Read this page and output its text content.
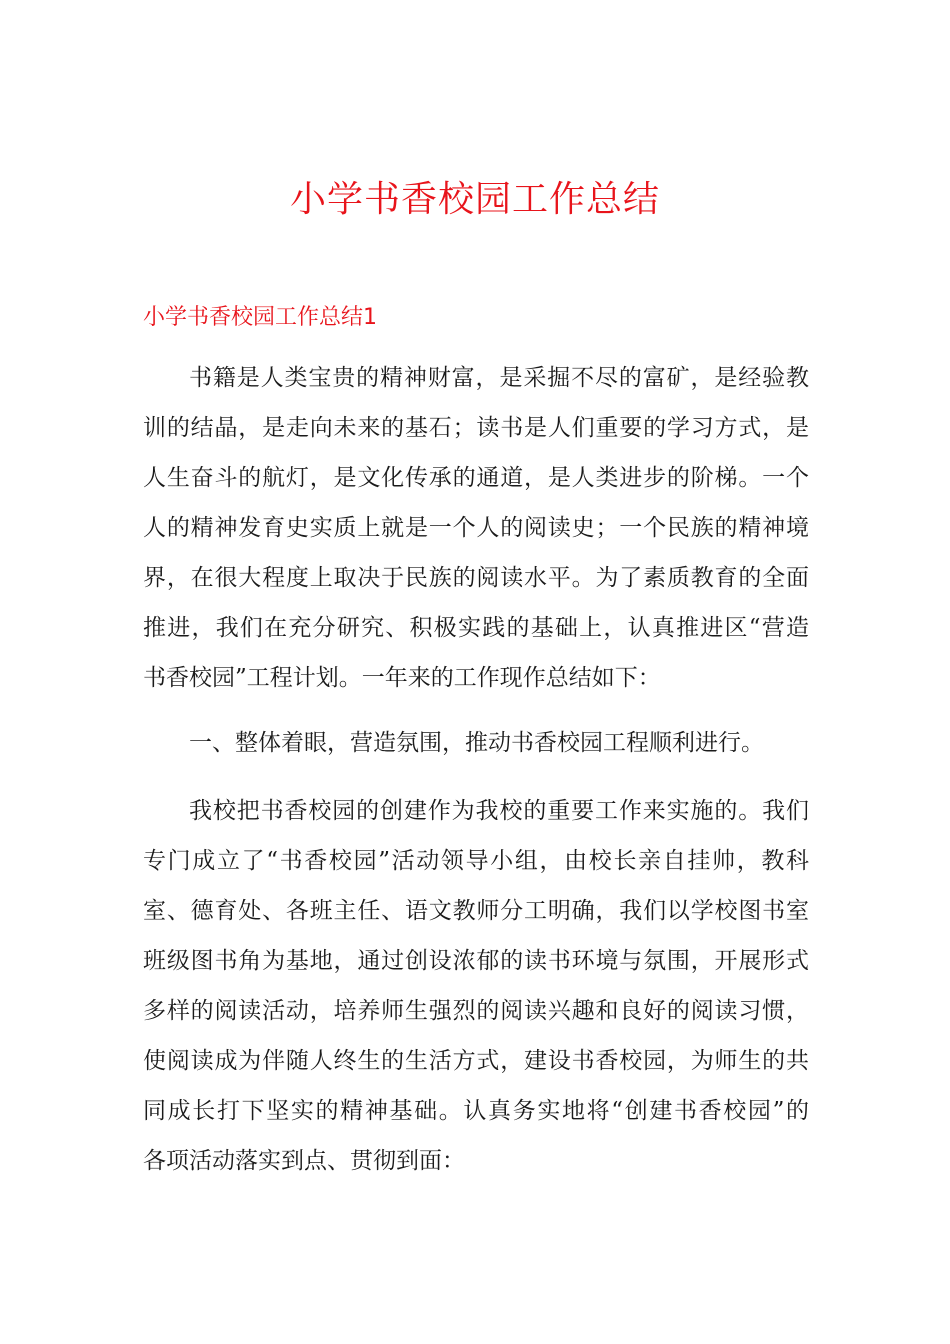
小学书香校园工作总结
小学书香校园工作总结1

书籍是人类宝贵的精神财富，是采掘不尽的富矿，是经验教
训的结晶，是走向未来的基石；读书是人们重要的学习方式，是
人生奋斗的航灯，是文化传承的通道，是人类进步的阶梯。一个
人的精神发育史实质上就是一个人的阅读史；一个民族的精神境
界，在很大程度上取决于民族的阅读水平。为了素质教育的全面
推进，我们在充分研究、积极实践的基础上，认真推进区“营造
书香校园”工程计划。一年来的工作现作总结如下：

一、整体着眼，营造氛围，推动书香校园工程顺利进行。

我校把书香校园的创建作为我校的重要工作来实施的。我们
专门成立了“书香校园”活动领导小组，由校长亲自挂帅，教科
室、德育处、各班主任、语文教师分工明确，我们以学校图书室
班级图书角为基地，通过创设浓郁的读书环境与氛围，开展形式
多样的阅读活动，培养师生强烈的阅读兴趣和良好的阅读习惯，
使阅读成为伴随人终生的生活方式，建设书香校园，为师生的共
同成长打下坚实的精神基础。认真务实地将“创建书香校园”的
各项活动落实到点、贯彻到面：
